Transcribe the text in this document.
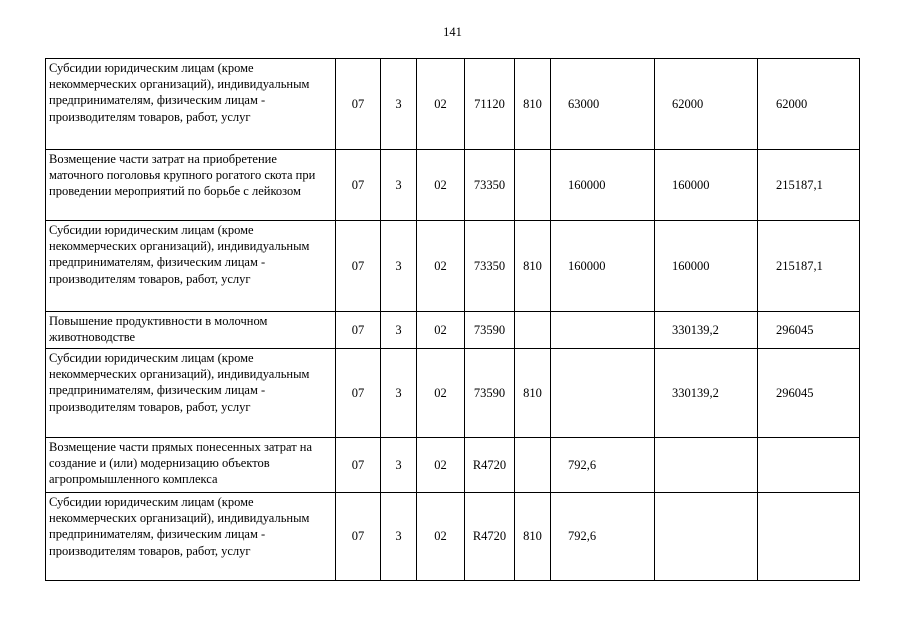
141
Субсидии юридическим лицам (кроме некоммерческих организаций), индивидуальным предпринимателям, физическим лицам - производителям товаров, работ, услуг	07	3	02	71120	810	63000	62000	62000
Возмещение части затрат на приобретение маточного поголовья крупного рогатого скота при проведении мероприятий по борьбе с лейкозом	07	3	02	73350		160000	160000	215187,1
Субсидии юридическим лицам (кроме некоммерческих организаций), индивидуальным предпринимателям, физическим лицам - производителям товаров, работ, услуг	07	3	02	73350	810	160000	160000	215187,1
Повышение продуктивности в молочном животноводстве	07	3	02	73590			330139,2	296045
Субсидии юридическим лицам (кроме некоммерческих организаций), индивидуальным предпринимателям, физическим лицам - производителям товаров, работ, услуг	07	3	02	73590	810		330139,2	296045
Возмещение части прямых понесенных затрат на создание и (или) модернизацию объектов агропромышленного комплекса	07	3	02	R4720		792,6		
Субсидии юридическим лицам (кроме некоммерческих организаций), индивидуальным предпринимателям, физическим лицам - производителям товаров, работ, услуг	07	3	02	R4720	810	792,6		
